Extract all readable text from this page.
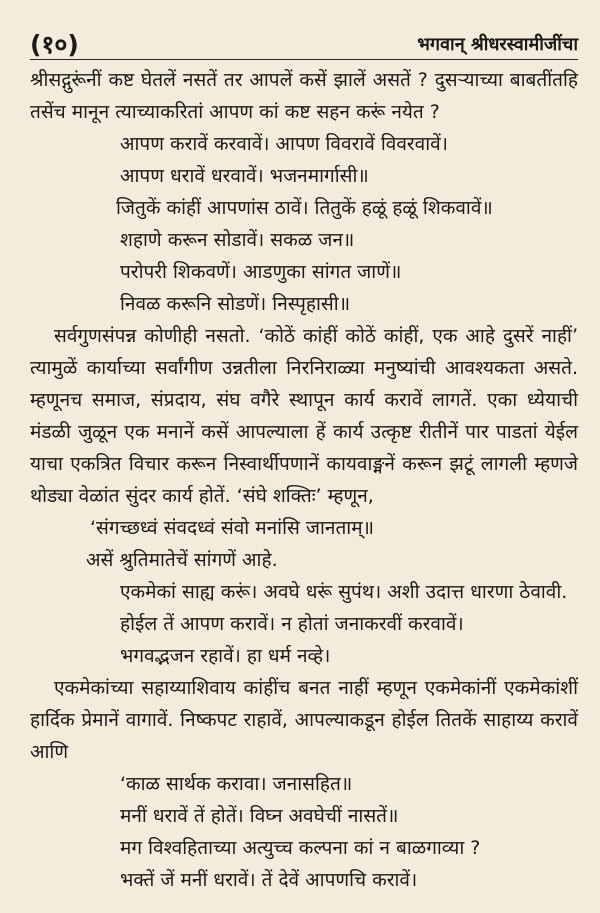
(१०)	भगवान् श्रीधरस्वामीजींचा

श्रीसद्गुरूंनीं कष्ट घेतलें नसतें तर आपलें कसें झालें असतें ? दुसऱ्याच्या बाबतींतहि तसेंच मानून त्याच्याकरितां आपण कां कष्ट सहन करूं नयेत ?

आपण करावें करवावें। आपण विवरावें विवरवावें।

आपण धरावें धरवावें। भजनमार्गासी॥

जितुकें कांहीं आपणांस ठावें। तितुकें हळूं हळूं शिकवावें॥

शहाणे करून सोडावें। सकळ जन॥

परोपरी शिकवणें। आडणुका सांगत जाणें॥

निवळ करूनि सोडणें। निस्पृहासी॥

सर्वगुणसंपन्न कोणीही नसतो. ‘कोठें कांहीं कोठें कांहीं, एक आहे दुसरें नाहीं’ त्यामुळें कार्याच्या सर्वांगीण उन्नतीला निरनिराळ्या मनुष्यांची आवश्यकता असते. म्हणूनच समाज, संप्रदाय, संघ वगैरे स्थापून कार्य करावें लागतें. एका ध्येयाची मंडळी जुळून एक मनानें कसें आपल्याला हें कार्य उत्कृष्ट रीतीनें पार पाडतां येईल याचा एकत्रित विचार करून निस्वार्थीपणानें कायवाङ्मनें करून झटूं लागली म्हणजे थोड्या वेळांत सुंदर कार्य होतें. ‘संघे शक्तिः’ म्हणून,

‘संगच्छध्वं संवदध्वं संवो मनांसि जानताम्॥

असें श्रुतिमातेचें सांगणें आहे.

एकमेकां साह्य करूं। अवघे धरूं सुपंथ। अशी उदात्त धारणा ठेवावी.

होईल तें आपण करावें। न होतां जनाकरवीं करवावें।

भगवद्भजन रहावें। हा धर्म नव्हे।

एकमेकांच्या सहाय्याशिवाय कांहींच बनत नाहीं म्हणून एकमेकांनीं एकमेकांशीं हार्दिक प्रेमानें वागावें. निष्कपट राहावें, आपल्याकडून होईल तितकें साहाय्य करावें आणि

‘काळ सार्थक करावा। जनासहित॥

मनीं धरावें तें होतें। विघ्न अवघेचीं नासतें॥

मग विश्वहिताच्या अत्युच्च कल्पना कां न बाळगाव्या ?

भक्तें जें मनीं धरावें। तें देवें आपणचि करावें।
